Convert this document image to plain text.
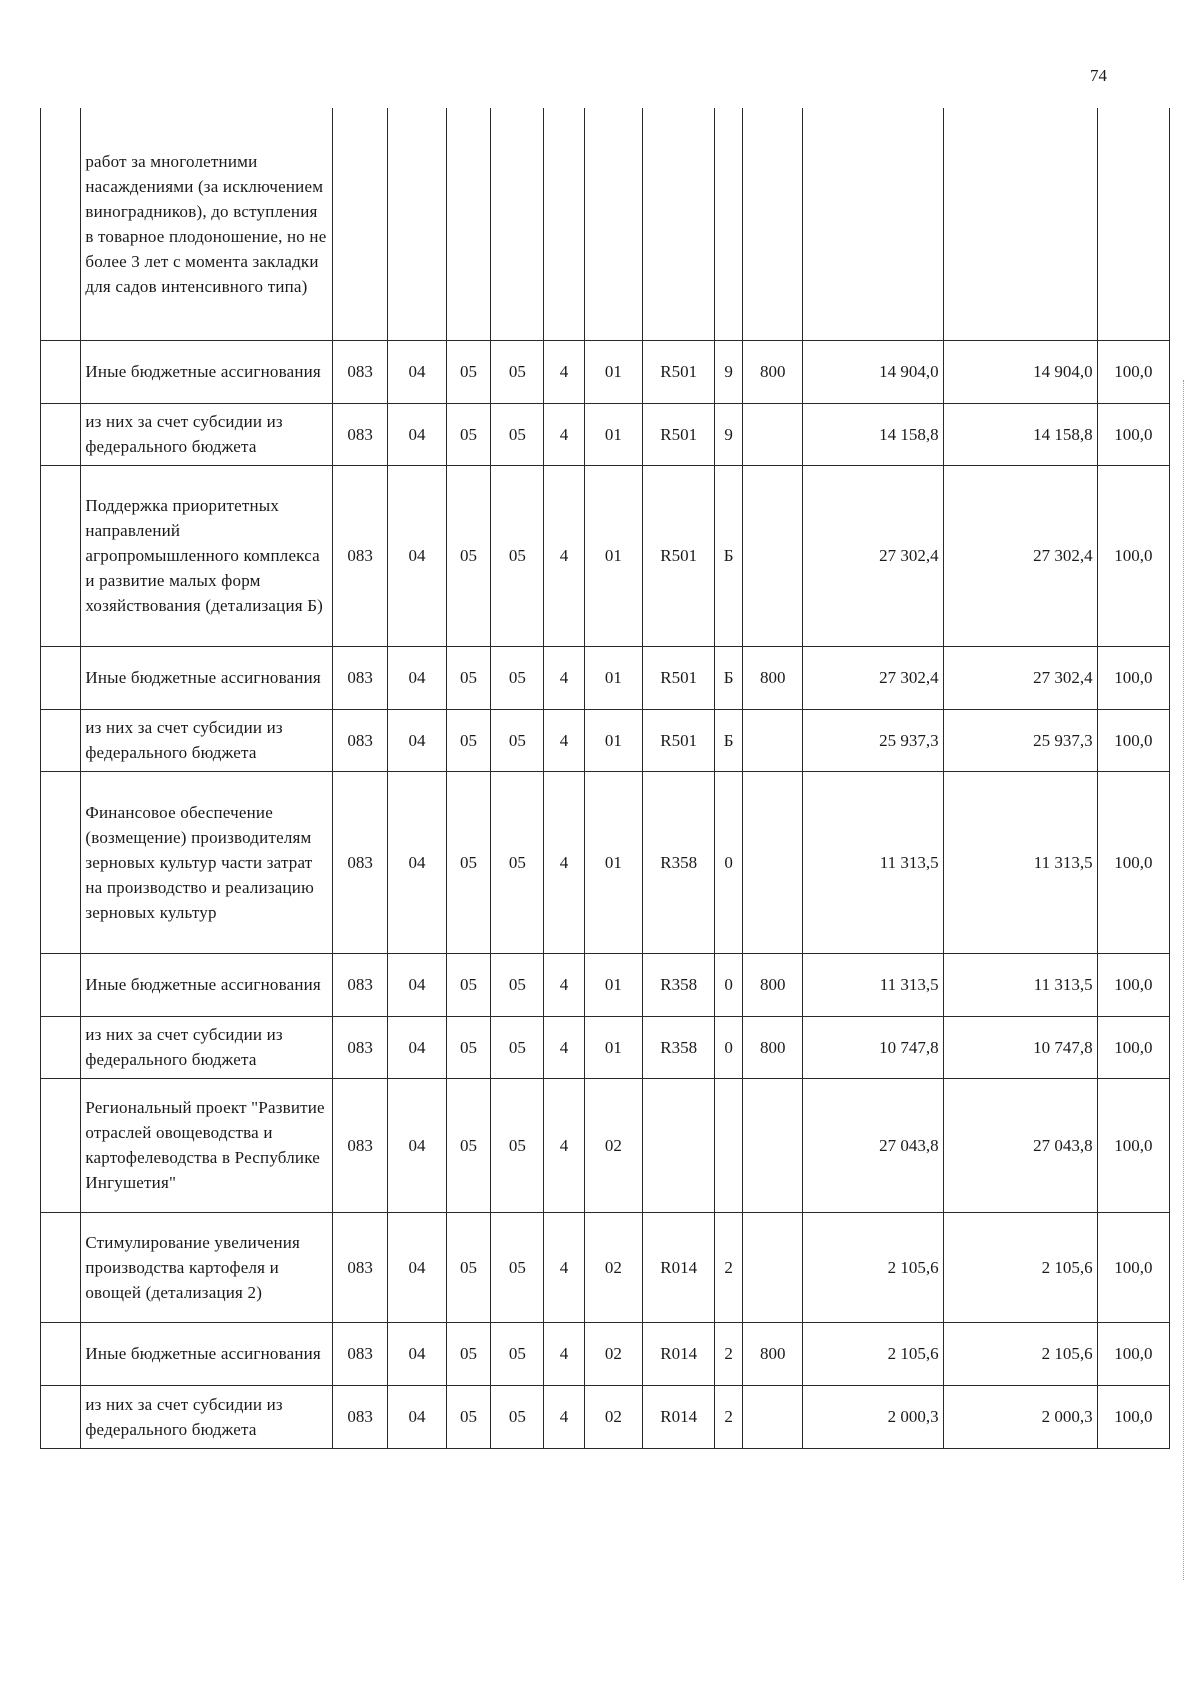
74
	работ за многолетними насаждениями (за исключением виноградников), до вступления в товарное плодоношение, но не более 3 лет с момента закладки для садов интенсивного типа)												
	Иные бюджетные ассигнования	083	04	05	05	4	01	R501	9	800	14 904,0	14 904,0	100,0
	из них за счет субсидии из федерального бюджета	083	04	05	05	4	01	R501	9		14 158,8	14 158,8	100,0
	Поддержка приоритетных направлений агропромышленного комплекса и развитие малых форм хозяйствования (детализация Б)	083	04	05	05	4	01	R501	Б		27 302,4	27 302,4	100,0
	Иные бюджетные ассигнования	083	04	05	05	4	01	R501	Б	800	27 302,4	27 302,4	100,0
	из них за счет субсидии из федерального бюджета	083	04	05	05	4	01	R501	Б		25 937,3	25 937,3	100,0
	Финансовое обеспечение (возмещение) производителям зерновых культур части затрат на производство и реализацию зерновых культур	083	04	05	05	4	01	R358	0		11 313,5	11 313,5	100,0
	Иные бюджетные ассигнования	083	04	05	05	4	01	R358	0	800	11 313,5	11 313,5	100,0
	из них за счет субсидии из федерального бюджета	083	04	05	05	4	01	R358	0	800	10 747,8	10 747,8	100,0
	Региональный проект "Развитие отраслей овощеводства и картофелеводства в Республике Ингушетия"	083	04	05	05	4	02				27 043,8	27 043,8	100,0
	Стимулирование увеличения производства картофеля и овощей (детализация 2)	083	04	05	05	4	02	R014	2		2 105,6	2 105,6	100,0
	Иные бюджетные ассигнования	083	04	05	05	4	02	R014	2	800	2 105,6	2 105,6	100,0
	из них за счет субсидии из федерального бюджета	083	04	05	05	4	02	R014	2		2 000,3	2 000,3	100,0
